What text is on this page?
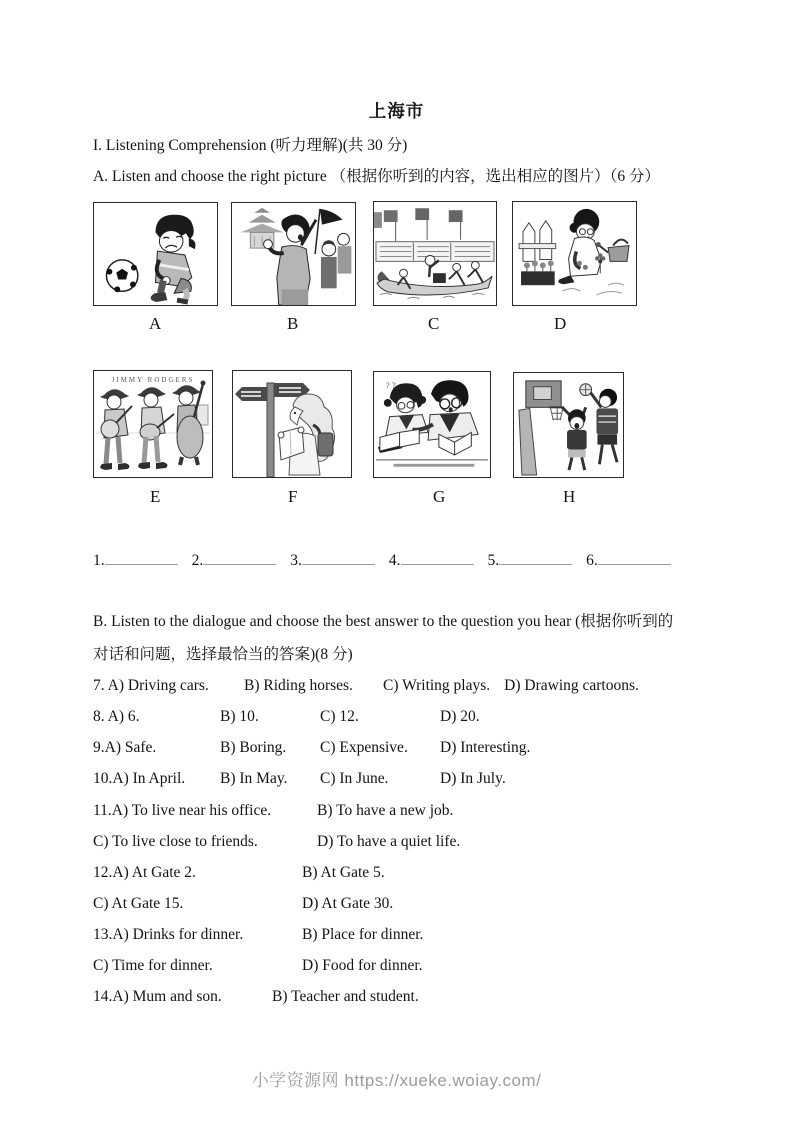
上海市
I. Listening Comprehension (听力理解)(共 30 分)
A. Listen and choose the right picture （根据你听到的内容，选出相应的图片）（6 分）
A	B	C	D
JIMMY RODGERS
? ?
E	F	G	H
1.	2.	3.	4.	5.	6.
B. Listen to the dialogue and choose the best answer to the question you hear (根据你听到的
对话和问题，选择最恰当的答案)(8 分)
7. A) Driving cars.	B) Riding horses.	C) Writing plays. D) Drawing cartoons.
8. A) 6.	B) 10.	C) 12.	D) 20.
9.A) Safe.	B) Boring.	C) Expensive.	D) Interesting.
10.A) In April.	B) In May.	C) In June.	D) In July.
11.A) To live near his office.	B) To have a new job.
C) To live close to friends.	D) To have a quiet life.
12.A) At Gate 2.	B) At Gate 5.
C) At Gate 15.	D) At Gate 30.
13.A) Drinks for dinner.	B) Place for dinner.
C) Time for dinner.	D) Food for dinner.
14.A) Mum and son.	B) Teacher and student.
小学资源网 https://xueke.woiay.com/
